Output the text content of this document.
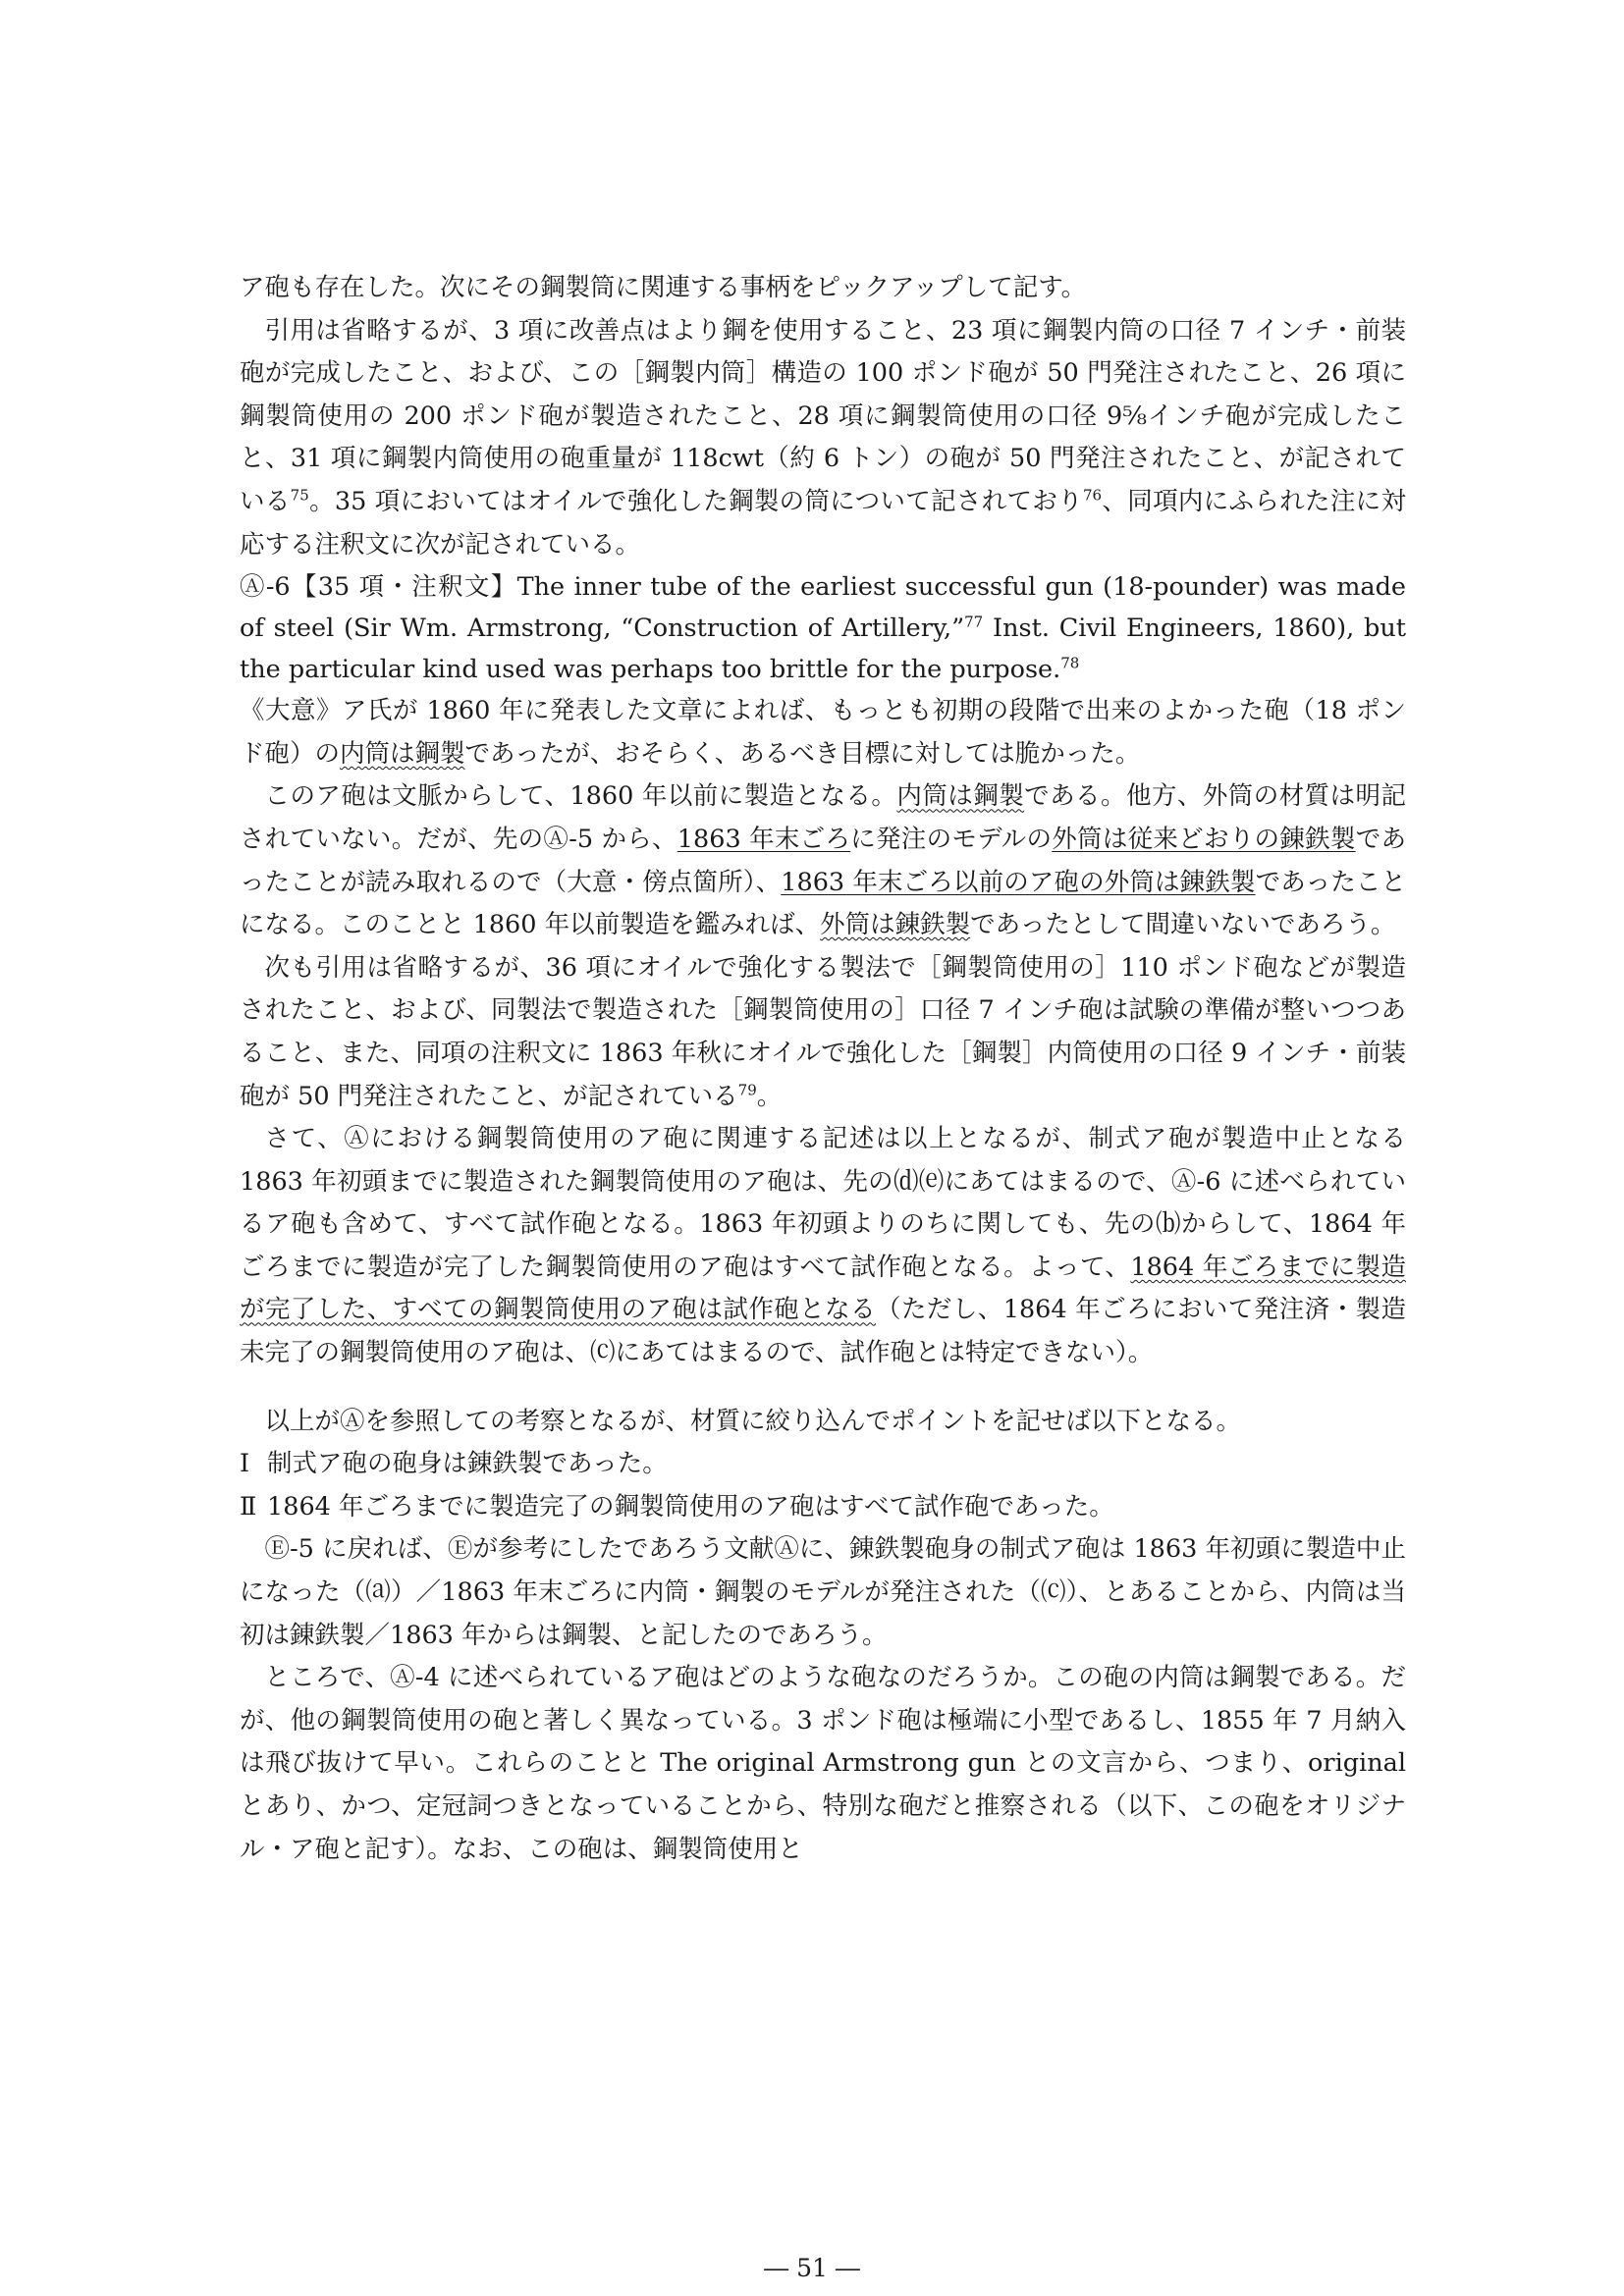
ア砲も存在した。次にその鋼製筒に関連する事柄をピックアップして記す。

引用は省略するが、3 項に改善点はより鋼を使用すること、23 項に鋼製内筒の口径 7 インチ・前装砲が完成したこと、および、この［鋼製内筒］構造の 100 ポンド砲が 50 門発注されたこと、26 項に鋼製筒使用の 200 ポンド砲が製造されたこと、28 項に鋼製筒使用の口径 9⅝インチ砲が完成したこと、31 項に鋼製内筒使用の砲重量が 118cwt（約 6 トン）の砲が 50 門発注されたこと、が記されている$^{75}$。35 項においてはオイルで強化した鋼製の筒について記されており$^{76}$、同項内にふられた注に対応する注釈文に次が記されている。

Ⓐ-6【35 項・注釈文】The inner tube of the earliest successful gun (18-pounder) was made of steel (Sir Wm. Armstrong, “Construction of Artillery,”$^{77}$ Inst. Civil Engineers, 1860), but the particular kind used was perhaps too brittle for the purpose.$^{78}$

《大意》ア氏が 1860 年に発表した文章によれば、もっとも初期の段階で出来のよかった砲（18 ポンド砲）の内筒は鋼製であったが、おそらく、あるべき目標に対しては脆かった。

このア砲は文脈からして、1860 年以前に製造となる。内筒は鋼製である。他方、外筒の材質は明記されていない。だが、先のⒶ-5 から、1863 年末ごろに発注のモデルの外筒は従来どおりの錬鉄製であったことが読み取れるので（大意・傍点箇所）、1863 年末ごろ以前のア砲の外筒は錬鉄製であったことになる。このことと 1860 年以前製造を鑑みれば、外筒は錬鉄製であったとして間違いないであろう。

次も引用は省略するが、36 項にオイルで強化する製法で［鋼製筒使用の］110 ポンド砲などが製造されたこと、および、同製法で製造された［鋼製筒使用の］口径 7 インチ砲は試験の準備が整いつつあること、また、同項の注釈文に 1863 年秋にオイルで強化した［鋼製］内筒使用の口径 9 インチ・前装砲が 50 門発注されたこと、が記されている$^{79}$。

さて、Ⓐにおける鋼製筒使用のア砲に関連する記述は以上となるが、制式ア砲が製造中止となる 1863 年初頭までに製造された鋼製筒使用のア砲は、先の⒟⒠にあてはまるので、Ⓐ-6 に述べられているア砲も含めて、すべて試作砲となる。1863 年初頭よりのちに関しても、先の⒝からして、1864 年ごろまでに製造が完了した鋼製筒使用のア砲はすべて試作砲となる。よって、1864 年ごろまでに製造が完了した、すべての鋼製筒使用のア砲は試作砲となる（ただし、1864 年ごろにおいて発注済・製造未完了の鋼製筒使用のア砲は、⒞にあてはまるので、試作砲とは特定できない）。

以上がⒶを参照しての考察となるが、材質に絞り込んでポイントを記せば以下となる。

Ⅰ 制式ア砲の砲身は錬鉄製であった。
Ⅱ 1864 年ごろまでに製造完了の鋼製筒使用のア砲はすべて試作砲であった。

Ⓔ-5 に戻れば、Ⓔが参考にしたであろう文献Ⓐに、錬鉄製砲身の制式ア砲は 1863 年初頭に製造中止になった（⒜）／1863 年末ごろに内筒・鋼製のモデルが発注された（⒞）、とあることから、内筒は当初は錬鉄製／1863 年からは鋼製、と記したのであろう。

ところで、Ⓐ-4 に述べられているア砲はどのような砲なのだろうか。この砲の内筒は鋼製である。だが、他の鋼製筒使用の砲と著しく異なっている。3 ポンド砲は極端に小型であるし、1855 年 7 月納入は飛び抜けて早い。これらのことと The original Armstrong gun との文言から、つまり、original とあり、かつ、定冠詞つきとなっていることから、特別な砲だと推察される（以下、この砲をオリジナル・ア砲と記す）。なお、この砲は、鋼製筒使用と

― 51 ―
